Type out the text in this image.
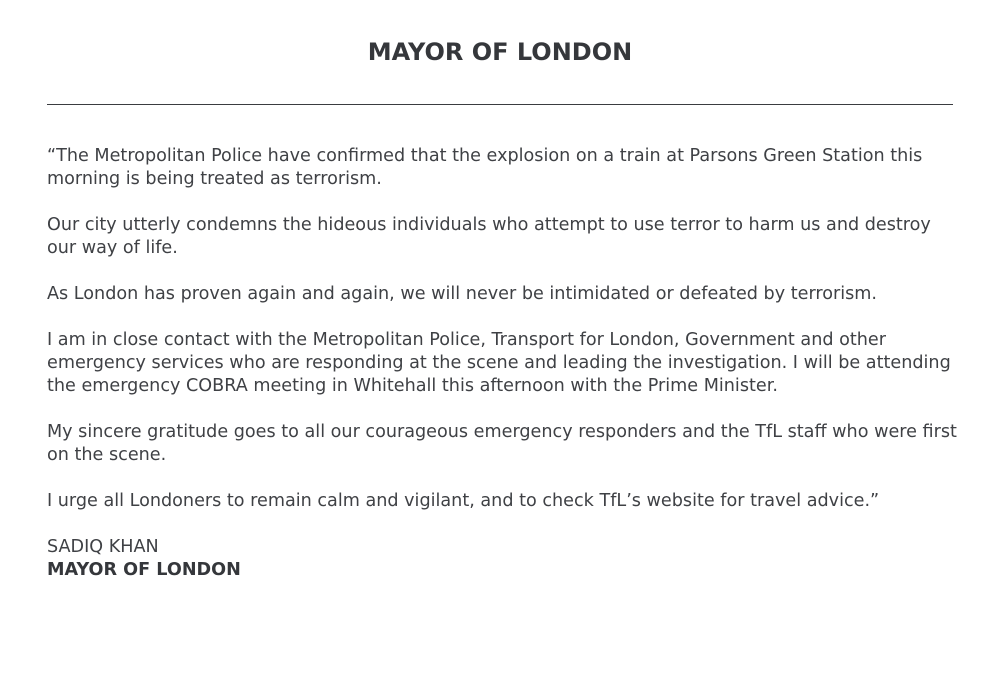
MAYOR OF LONDON

“The Metropolitan Police have confirmed that the explosion on a train at Parsons Green Station this morning is being treated as terrorism.

Our city utterly condemns the hideous individuals who attempt to use terror to harm us and destroy our way of life.

As London has proven again and again, we will never be intimidated or defeated by terrorism.

I am in close contact with the Metropolitan Police, Transport for London, Government and other emergency services who are responding at the scene and leading the investigation. I will be attending the emergency COBRA meeting in Whitehall this afternoon with the Prime Minister.

My sincere gratitude goes to all our courageous emergency responders and the TfL staff who were first on the scene.

I urge all Londoners to remain calm and vigilant, and to check TfL’s website for travel advice.”

SADIQ KHAN
MAYOR OF LONDON
